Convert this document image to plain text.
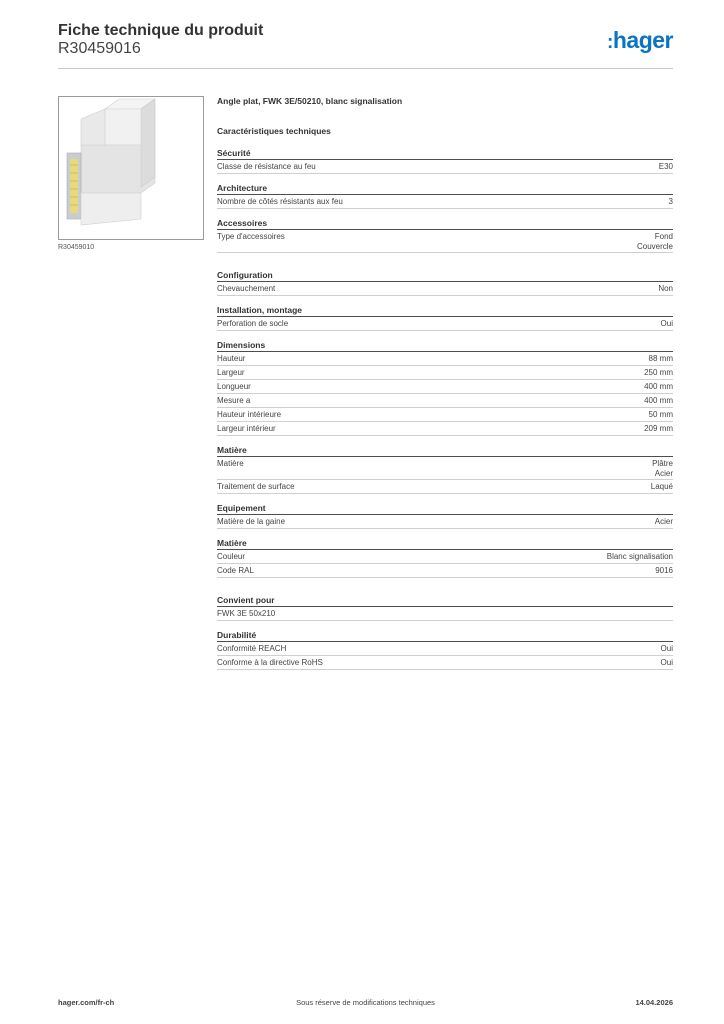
Fiche technique du produit
R30459016	:hager
R30459010
Angle plat, FWK 3E/50210, blanc signalisation
Caractéristiques techniques
Sécurité
Classe de résistance au feu	E30
Architecture
Nombre de côtés résistants aux feu	3
Accessoires
Type d'accessoires	Fond
Couvercle
Configuration
Chevauchement	Non
Installation, montage
Perforation de socle	Oui
Dimensions
Hauteur	88 mm
Largeur	250 mm
Longueur	400 mm
Mesure a	400 mm
Hauteur intérieure	50 mm
Largeur intérieur	209 mm
Matière
Matière	Plâtre
Acier
Traitement de surface	Laqué
Equipement
Matière de la gaine	Acier
Matière
Couleur	Blanc signalisation
Code RAL	9016
Convient pour
FWK 3E 50x210
Durabilité
Conformité REACH	Oui
Conforme à la directive RoHS	Oui
hager.com/fr-ch	Sous réserve de modifications techniques	14.04.2026
